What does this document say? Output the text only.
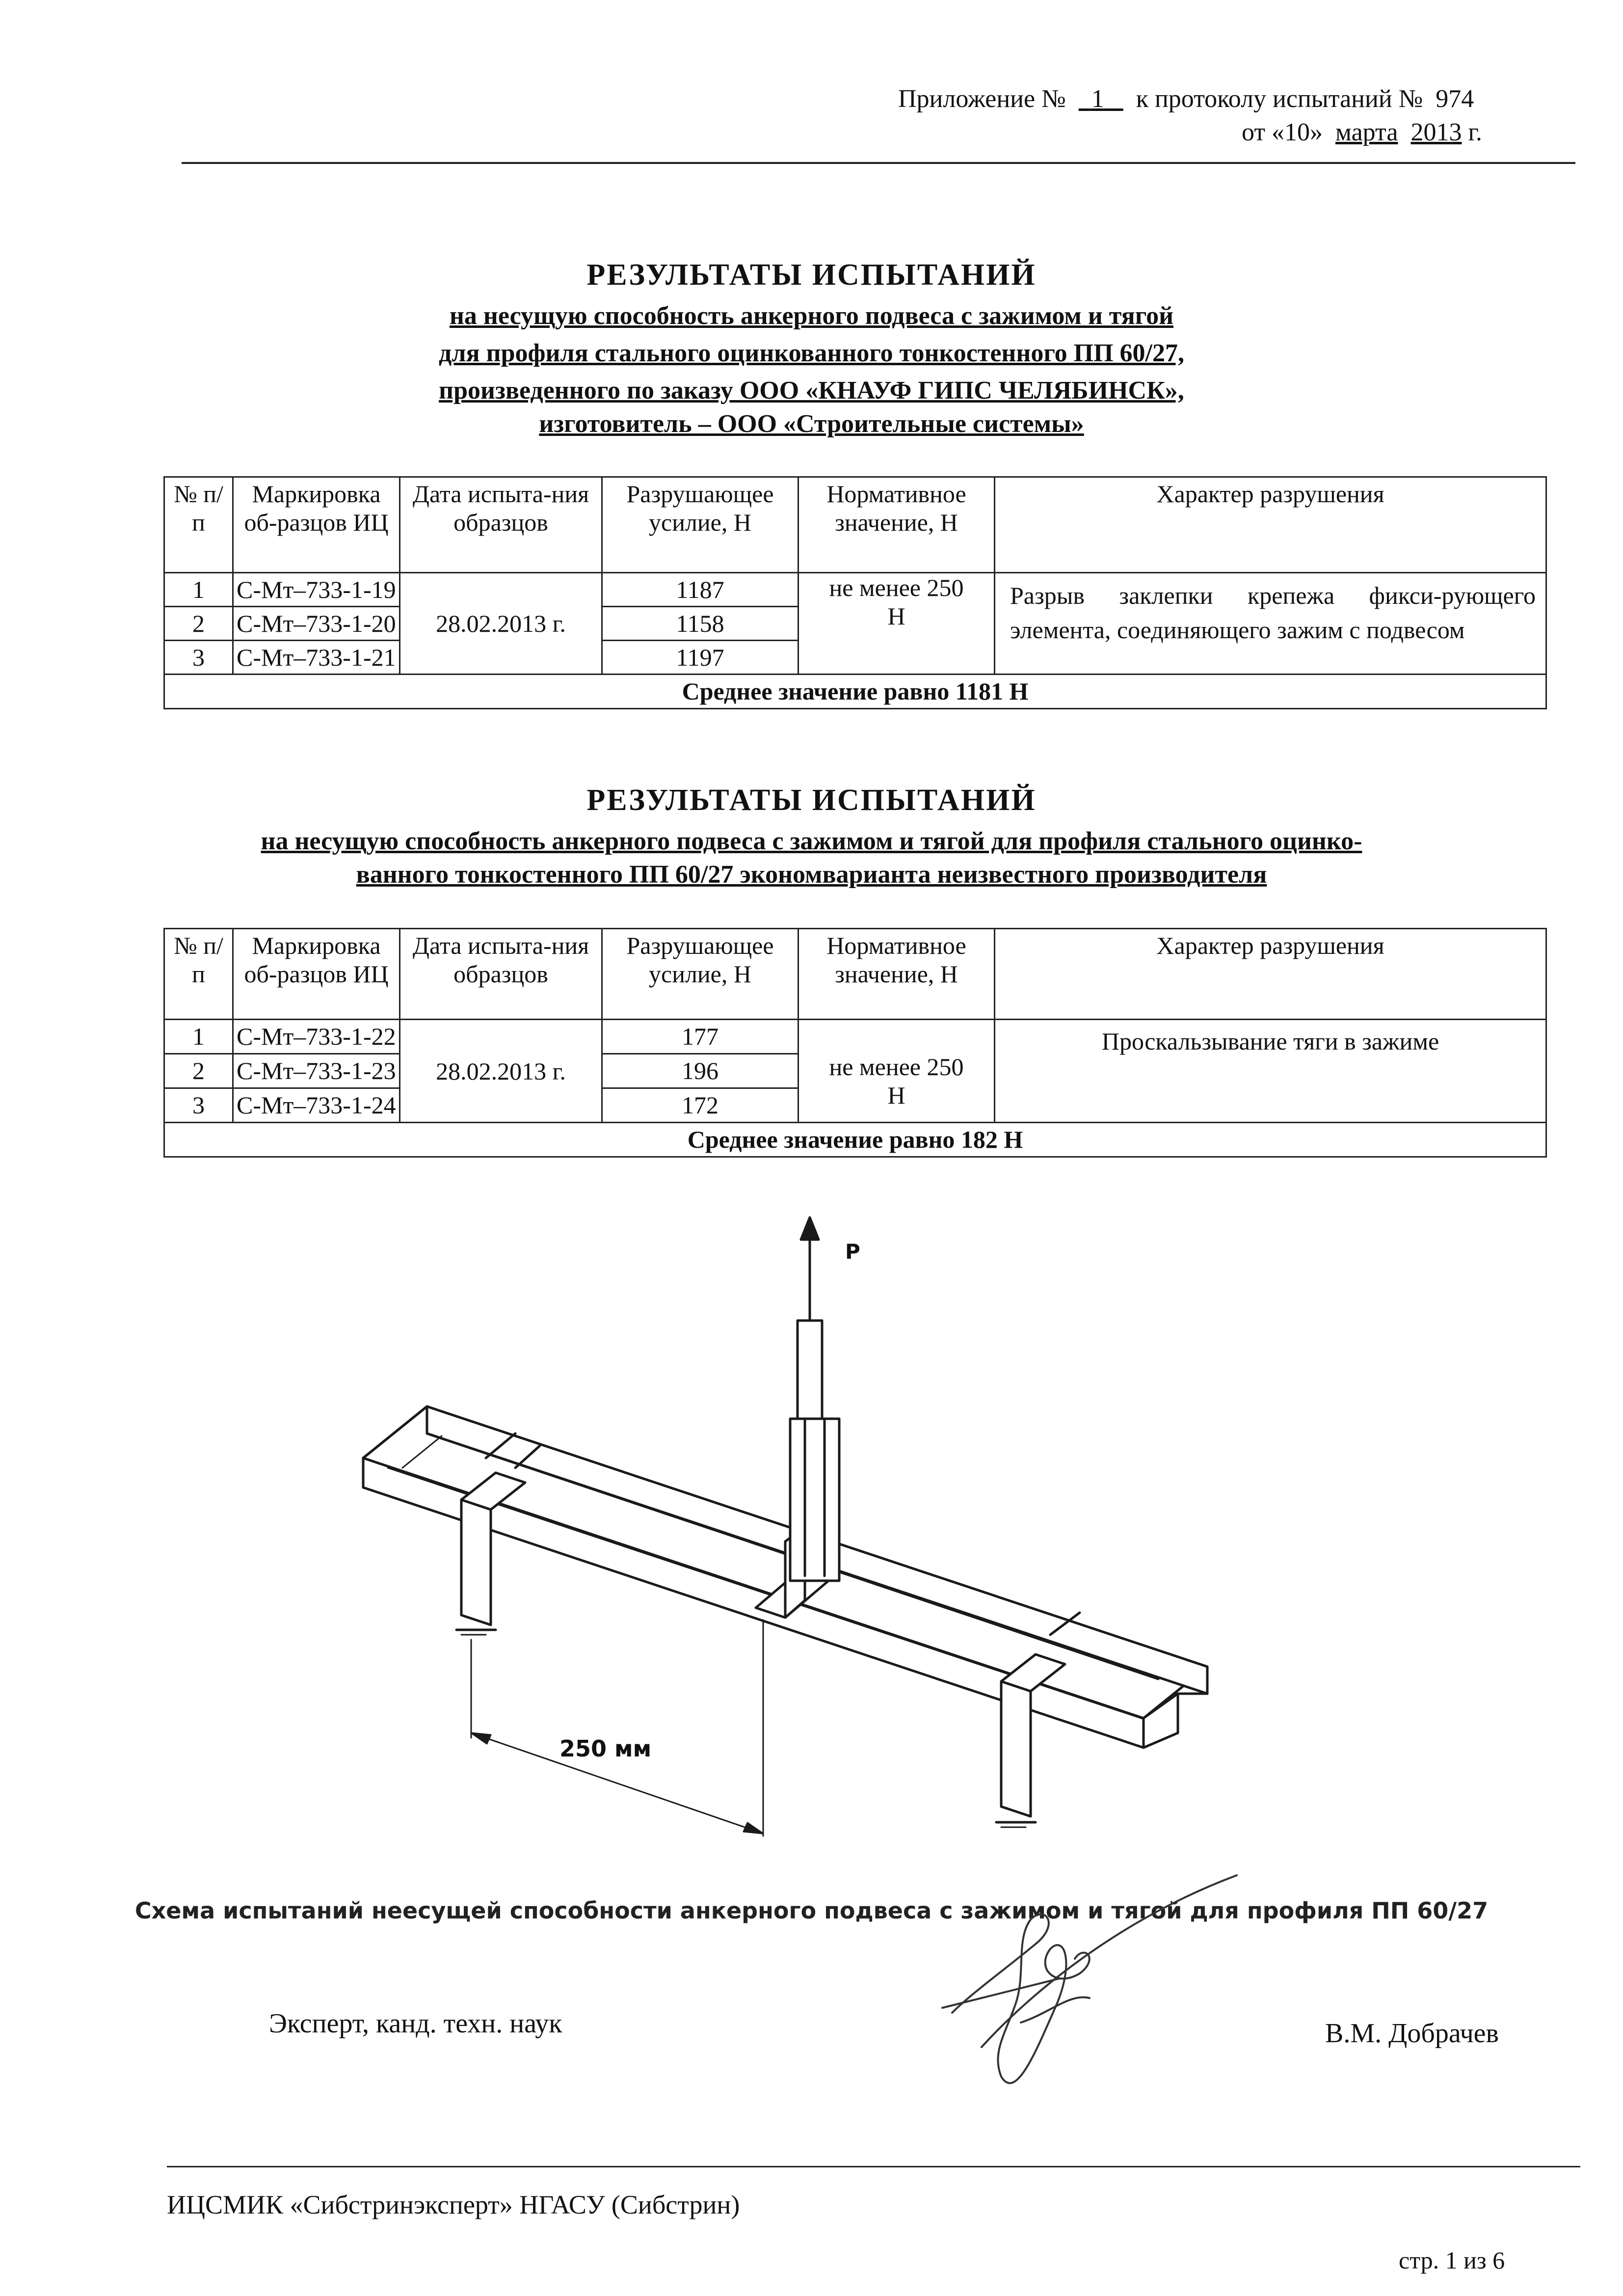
Приложение № 1 к протоколу испытаний № 974
от «10» марта 2013 г.
РЕЗУЛЬТАТЫ ИСПЫТАНИЙ
на несущую способность анкерного подвеса с зажимом и тягой
для профиля стального оцинкованного тонкостенного ПП 60/27,
произведенного по заказу ООО «КНАУФ ГИПС ЧЕЛЯБИНСК»,
изготовитель – ООО «Строительные системы»
№ п/п	Маркировка об-разцов ИЦ	Дата испыта-ния образцов	Разрушающее усилие, Н	Нормативное значение, Н	Характер разрушения
1	С-Мт–733-1-19	28.02.2013 г.	1187	не менее 250 Н	Разрыв заклепки крепежа фикси-рующего элемента, соединяющего зажим с подвесом
2	С-Мт–733-1-20		1158		
3	С-Мт–733-1-21		1197		
Среднее значение равно 1181 Н					
РЕЗУЛЬТАТЫ ИСПЫТАНИЙ
на несущую способность анкерного подвеса с зажимом и тягой для профиля стального оцинко-
ванного тонкостенного ПП 60/27 экономварианта неизвестного производителя
№ п/п	Маркировка об-разцов ИЦ	Дата испыта-ния образцов	Разрушающее усилие, Н	Нормативное значение, Н	Характер разрушения
1	С-Мт–733-1-22	28.02.2013 г.	177	не менее 250 Н	Проскальзывание тяги в зажиме
2	С-Мт–733-1-23		196		
3	С-Мт–733-1-24		172		
Среднее значение равно 182 Н					
P
250 мм
Схема испытаний неесущей способности анкерного подвеса с зажимом и тягой для профиля ПП 60/27
Эксперт, канд. техн. наук	В.М. Добрачев
ИЦСМИК «Сибстринэксперт» НГАСУ (Сибстрин)
стр. 1 из 6
